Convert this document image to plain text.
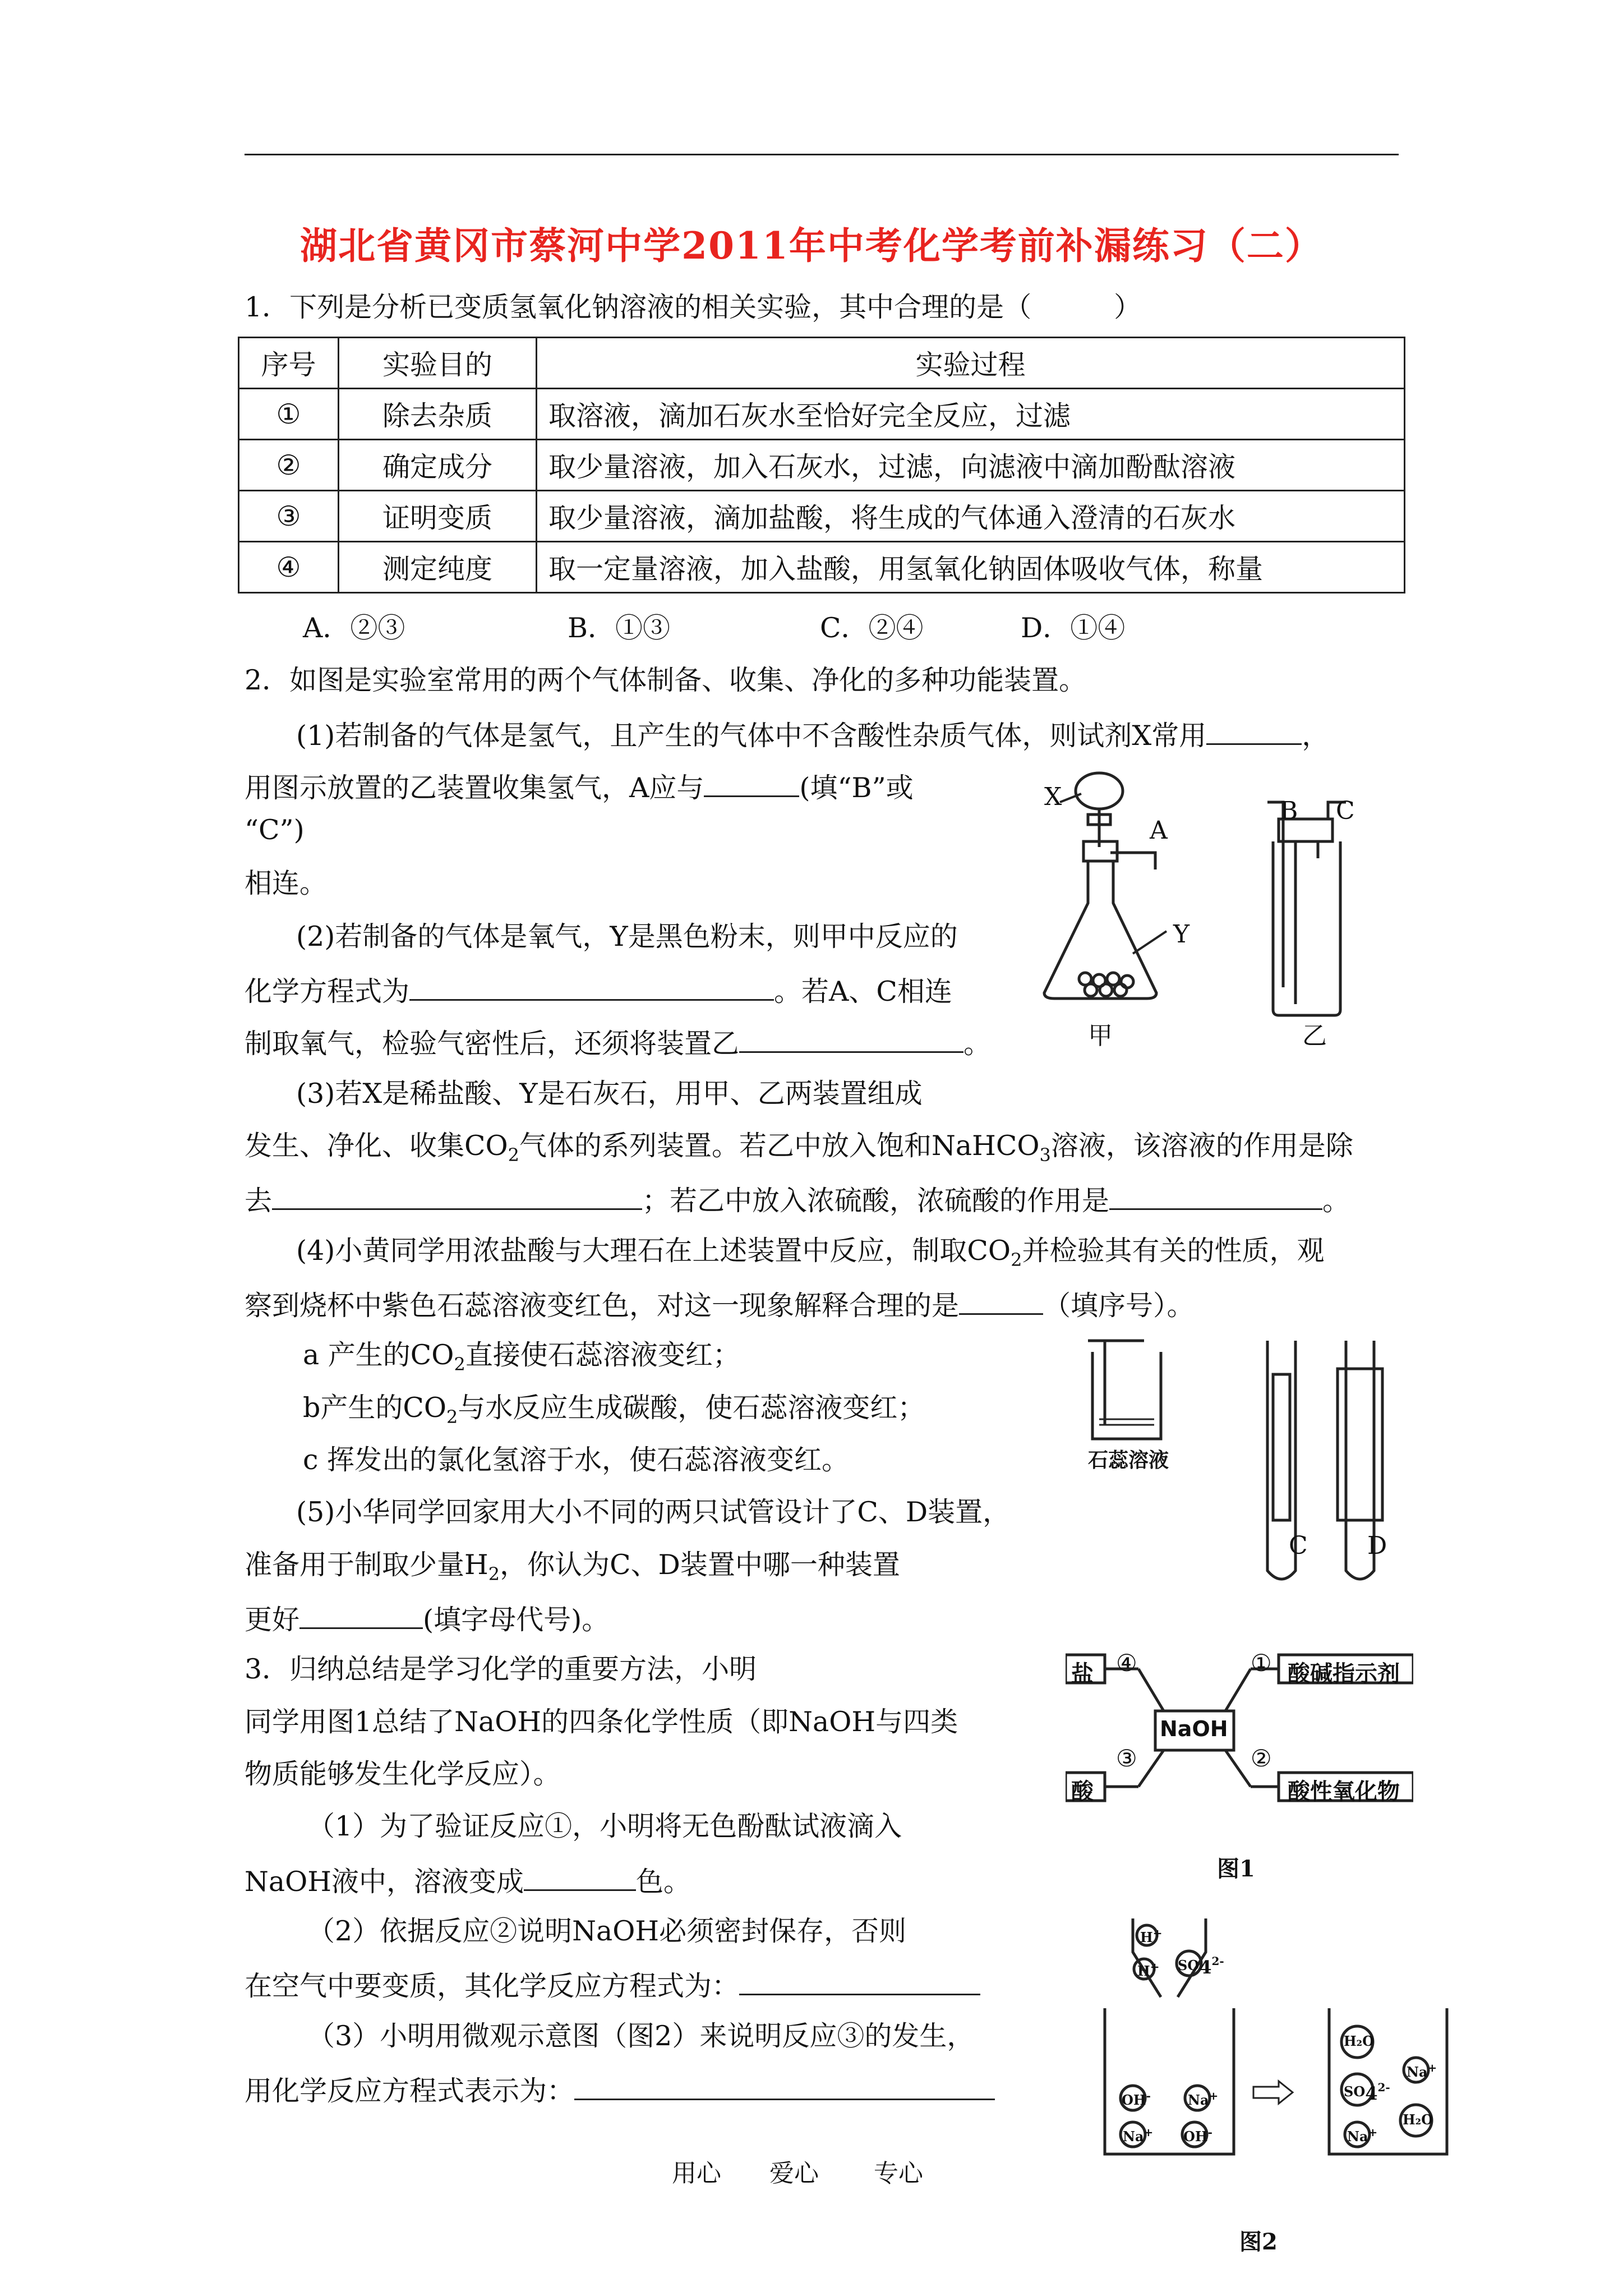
湖北省黄冈市蔡河中学2011年中考化学考前补漏练习（二）
1．下列是分析已变质氢氧化钠溶液的相关实验，其中合理的是（　　　）
序号	实验目的	实验过程
①	除去杂质	取溶液，滴加石灰水至恰好完全反应，过滤
②	确定成分	取少量溶液，加入石灰水，过滤，向滤液中滴加酚酞溶液
③	证明变质	取少量溶液，滴加盐酸，将生成的气体通入澄清的石灰水
④	测定纯度	取一定量溶液，加入盐酸，用氢氧化钠固体吸收气体，称量
A．②③	B．①③	C．②④	D．①④
2．如图是实验室常用的两个气体制备、收集、净化的多种功能装置。
(1)若制备的气体是氢气，且产生的气体中不含酸性杂质气体，则试剂X常用	，
用图示放置的乙装置收集氢气，A应与	(填“B”或
“C”)
相连。
(2)若制备的气体是氧气，Y是黑色粉末，则甲中反应的
化学方程式为	。若A、C相连
制取氧气，检验气密性后，还须将装置乙	。
(3)若X是稀盐酸、Y是石灰石，用甲、乙两装置组成
发生、净化、收集$CO_2$气体的系列装置。若乙中放入饱和NaHCO$_3$溶液，该溶液的作用是除
去	；若乙中放入浓硫酸，浓硫酸的作用是	。
(4)小黄同学用浓盐酸与大理石在上述装置中反应，制取$CO_2$并检验其有关的性质，观
察到烧杯中紫色石蕊溶液变红色，对这一现象解释合理的是	（填序号）。
a 产生的$CO_2$直接使石蕊溶液变红；
b产生的$CO_2$与水反应生成碳酸，使石蕊溶液变红；
c 挥发出的氯化氢溶于水，使石蕊溶液变红。
(5)小华同学回家用大小不同的两只试管设计了C、D装置，
准备用于制取少量$H_2$，你认为C、D装置中哪一种装置
更好	(填字母代号)。
X
A
Y
B C
甲	乙
石蕊溶液
C D
3．归纳总结是学习化学的重要方法，小明
同学用图1总结了NaOH的四条化学性质（即NaOH与四类
物质能够发生化学反应）。
（1）为了验证反应①，小明将无色酚酞试液滴入
NaOH液中，溶液变成	色。
（2）依据反应②说明NaOH必须密封保存，否则
在空气中要变质，其化学反应方程式为：
（3）小明用微观示意图（图2）来说明反应③的发生，
用化学反应方程式表示为：
盐	酸碱指示剂
酸	酸性氧化物
NaOH
①
②
③
④
图1
H+
H+ $SO_4^{2-}$
OH-	Na+
Na+ OH-
H₂O
Na+
$SO_4^{2-}$
Na+
H₂O
图2
用心 爱心 专心
